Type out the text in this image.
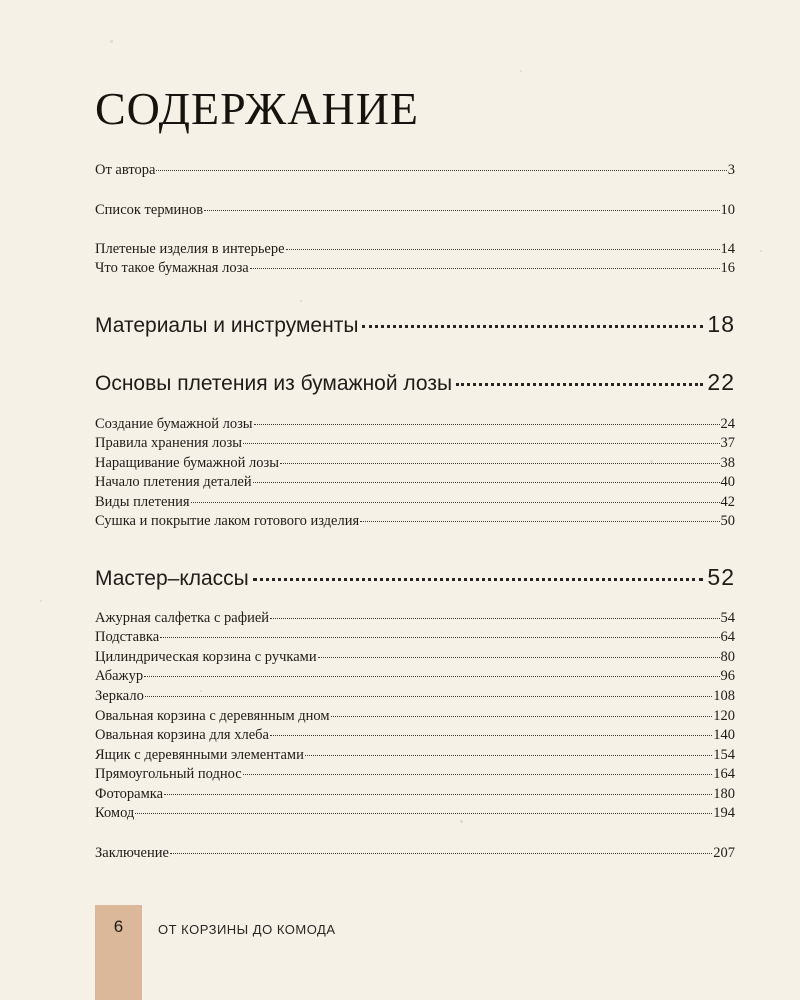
СОДЕРЖАНИЕ
От автора	3
Список терминов	10
Плетеные изделия в интерьере	14
Что такое бумажная лоза	16
Материалы и инструменты	18
Основы плетения из бумажной лозы	22
Создание бумажной лозы	24
Правила хранения лозы	37
Наращивание бумажной лозы	38
Начало плетения деталей	40
Виды плетения	42
Сушка и покрытие лаком готового изделия	50
Мастер–классы	52
Ажурная салфетка с рафией	54
Подставка	64
Цилиндрическая корзина с ручками	80
Абажур	96
Зеркало	108
Овальная корзина с деревянным дном	120
Овальная корзина для хлеба	140
Ящик с деревянными элементами	154
Прямоугольный поднос	164
Фоторамка	180
Комод	194
Заключение	207
6	ОТ КОРЗИНЫ ДО КОМОДА
